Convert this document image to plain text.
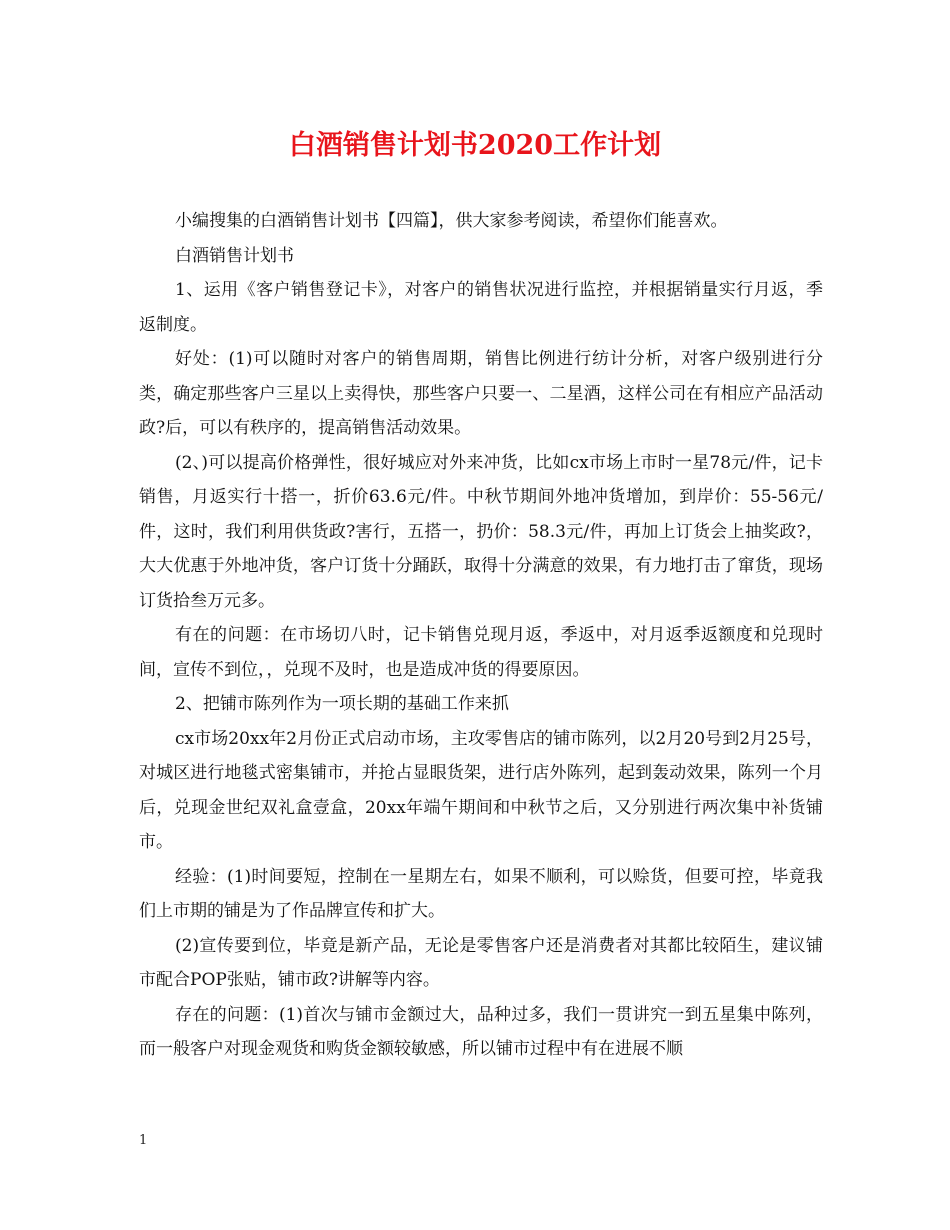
白酒销售计划书2020工作计划

小编搜集的白酒销售计划书【四篇】，供大家参考阅读，希望你们能喜欢。

白酒销售计划书

1、运用《客户销售登记卡》，对客户的销售状况进行监控，并根据销量实行月返，季返制度。

好处：(1)可以随时对客户的销售周期，销售比例进行纺计分析，对客户级别进行分类，确定那些客户三星以上卖得快，那些客户只要一、二星酒，这样公司在有相应产品活动政?后，可以有秩序的，提高销售活动效果。

(2、)可以提高价格弹性，很好城应对外来冲货，比如cx市场上市时一星78元/件，记卡销售，月返实行十搭一，折价63.6元/件。中秋节期间外地冲货增加，到岸价：55-56元/件，这时，我们利用供货政?害行，五搭一，扔价：58.3元/件，再加上订货会上抽奖政?，大大优惠于外地冲货，客户订货十分踊跃，取得十分满意的效果，有力地打击了窜货，现场订货拾叁万元多。

有在的问题：在市场切八时，记卡销售兑现月返，季返中，对月返季返额度和兑现时间，宣传不到位，，兑现不及时，也是造成冲货的得要原因。

2、把铺市陈列作为一项长期的基础工作来抓

cx市场20xx年2月份正式启动市场，主攻零售店的铺市陈列，以2月20号到2月25号，对城区进行地毯式密集铺市，并抢占显眼货架，进行店外陈列，起到轰动效果，陈列一个月后，兑现金世纪双礼盒壹盒，20xx年端午期间和中秋节之后，又分别进行两次集中补货铺市。

经验：(1)时间要短，控制在一星期左右，如果不顺利，可以赊货，但要可控，毕竟我们上市期的铺是为了作品牌宣传和扩大。

(2)宣传要到位，毕竟是新产品，无论是零售客户还是消费者对其都比较陌生，建议铺市配合POP张贴，铺市政?讲解等内容。

存在的问题：(1)首次与铺市金额过大，品种过多，我们一贯讲究一到五星集中陈列，而一般客户对现金观货和购货金额较敏感，所以铺市过程中有在进展不顺

1
